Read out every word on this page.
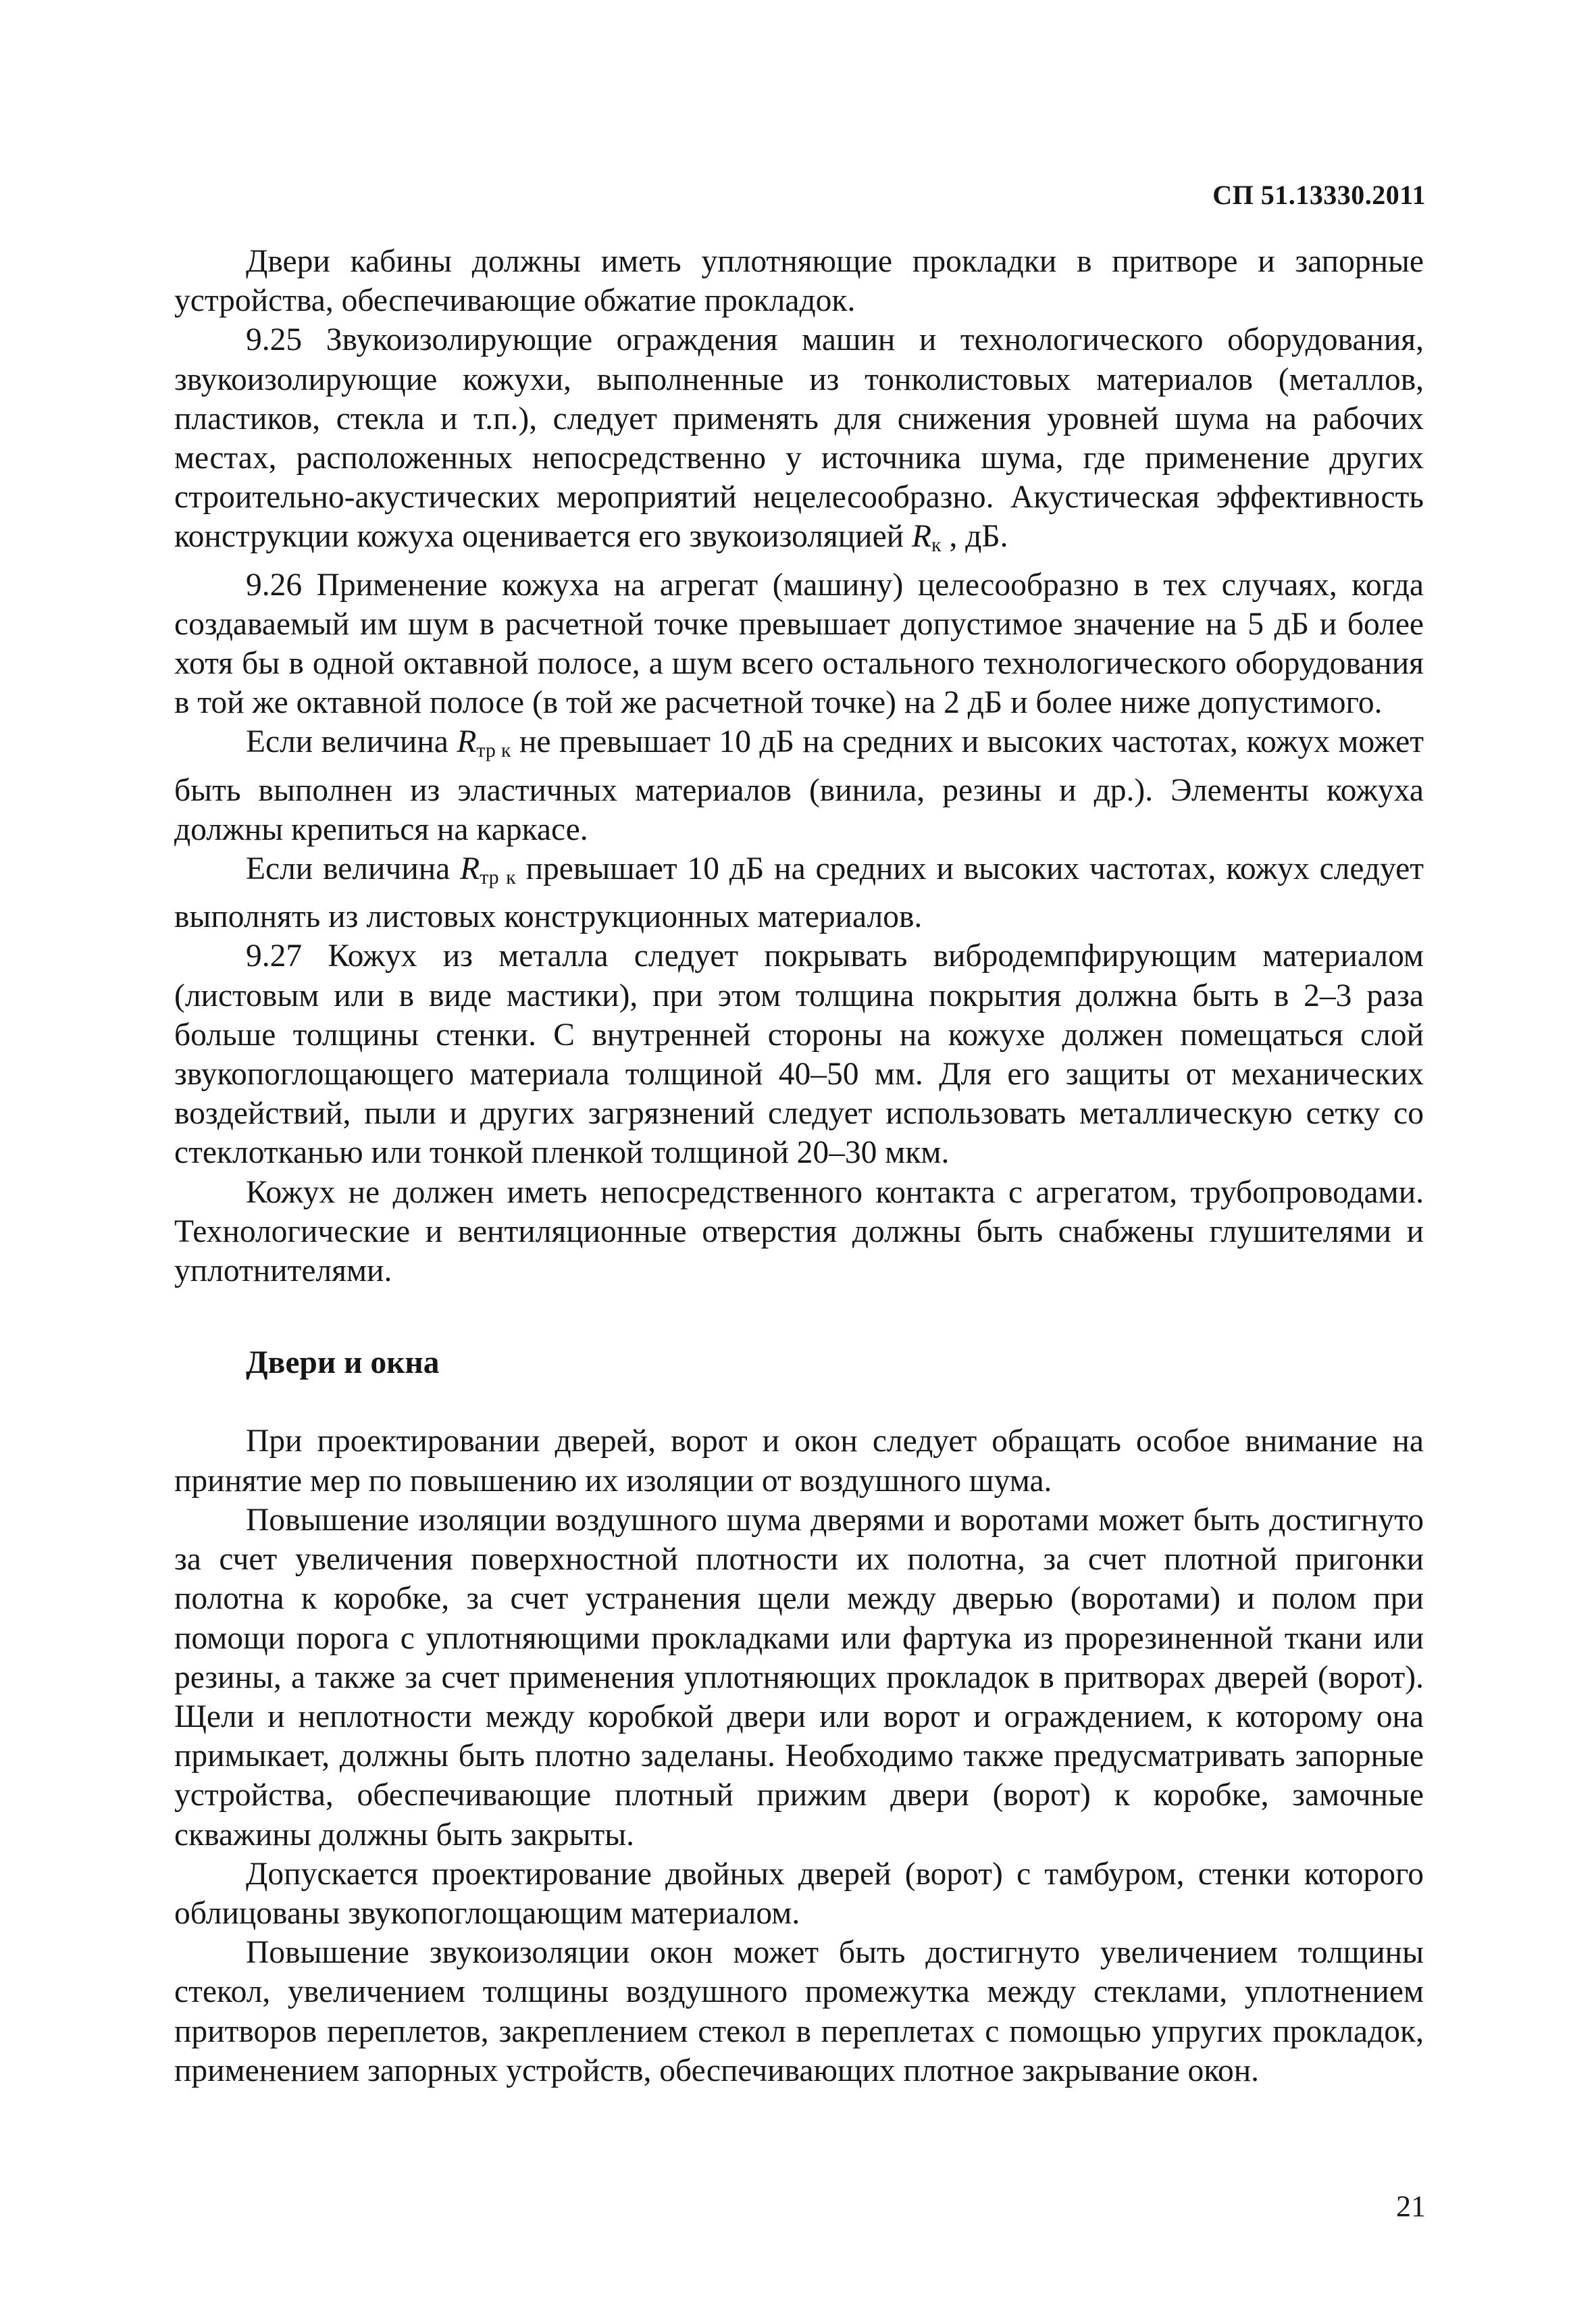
СП 51.13330.2011

Двери кабины должны иметь уплотняющие прокладки в притворе и запорные устройства, обеспечивающие обжатие прокладок.

9.25 Звукоизолирующие ограждения машин и технологического оборудования, звукоизолирующие кожухи, выполненные из тонколистовых материалов (металлов, пластиков, стекла и т.п.), следует применять для снижения уровней шума на рабочих местах, расположенных непосредственно у источника шума, где применение других строительно-акустических мероприятий нецелесообразно. Акустическая эффективность конструкции кожуха оценивается его звукоизоляцией $R_к$ , дБ.

9.26 Применение кожуха на агрегат (машину) целесообразно в тех случаях, когда создаваемый им шум в расчетной точке превышает допустимое значение на 5 дБ и более хотя бы в одной октавной полосе, а шум всего остального технологического оборудования в той же октавной полосе (в той же расчетной точке) на 2 дБ и более ниже допустимого.

Если величина $R_{тр к}$ не превышает 10 дБ на средних и высоких частотах, кожух может быть выполнен из эластичных материалов (винила, резины и др.). Элементы кожуха должны крепиться на каркасе.

Если величина $R_{тр к}$ превышает 10 дБ на средних и высоких частотах, кожух следует выполнять из листовых конструкционных материалов.

9.27 Кожух из металла следует покрывать вибродемпфирующим материалом (листовым или в виде мастики), при этом толщина покрытия должна быть в 2–3 раза больше толщины стенки. С внутренней стороны на кожухе должен помещаться слой звукопоглощающего материала толщиной 40–50 мм. Для его защиты от механических воздействий, пыли и других загрязнений следует использовать металлическую сетку со стеклотканью или тонкой пленкой толщиной 20–30 мкм.

Кожух не должен иметь непосредственного контакта с агрегатом, трубопроводами. Технологические и вентиляционные отверстия должны быть снабжены глушителями и уплотнителями.

Двери и окна

При проектировании дверей, ворот и окон следует обращать особое внимание на принятие мер по повышению их изоляции от воздушного шума.

Повышение изоляции воздушного шума дверями и воротами может быть достигнуто за счет увеличения поверхностной плотности их полотна, за счет плотной пригонки полотна к коробке, за счет устранения щели между дверью (воротами) и полом при помощи порога с уплотняющими прокладками или фартука из прорезиненной ткани или резины, а также за счет применения уплотняющих прокладок в притворах дверей (ворот). Щели и неплотности между коробкой двери или ворот и ограждением, к которому она примыкает, должны быть плотно заделаны. Необходимо также предусматривать запорные устройства, обеспечивающие плотный прижим двери (ворот) к коробке, замочные скважины должны быть закрыты.

Допускается проектирование двойных дверей (ворот) с тамбуром, стенки которого облицованы звукопоглощающим материалом.

Повышение звукоизоляции окон может быть достигнуто увеличением толщины стекол, увеличением толщины воздушного промежутка между стеклами, уплотнением притворов переплетов, закреплением стекол в переплетах с помощью упругих прокладок, применением запорных устройств, обеспечивающих плотное закрывание окон.

21
